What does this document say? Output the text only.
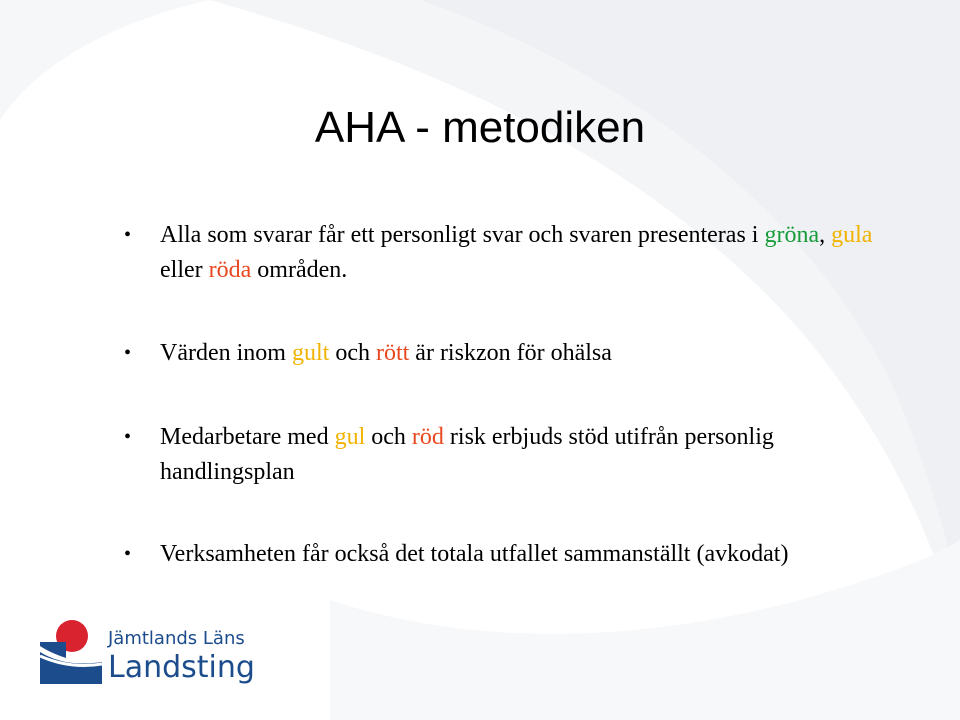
AHA - metodiken
•	Alla som svarar får ett personligt svar och svaren presenteras i gröna, gula eller röda områden.
•	Värden inom gult och rött är riskzon för ohälsa
•	Medarbetare med gul och röd risk erbjuds stöd utifrån personlig handlingsplan
•	Verksamheten får också det totala utfallet sammanställt (avkodat)
Jämtlands Läns
Landsting
